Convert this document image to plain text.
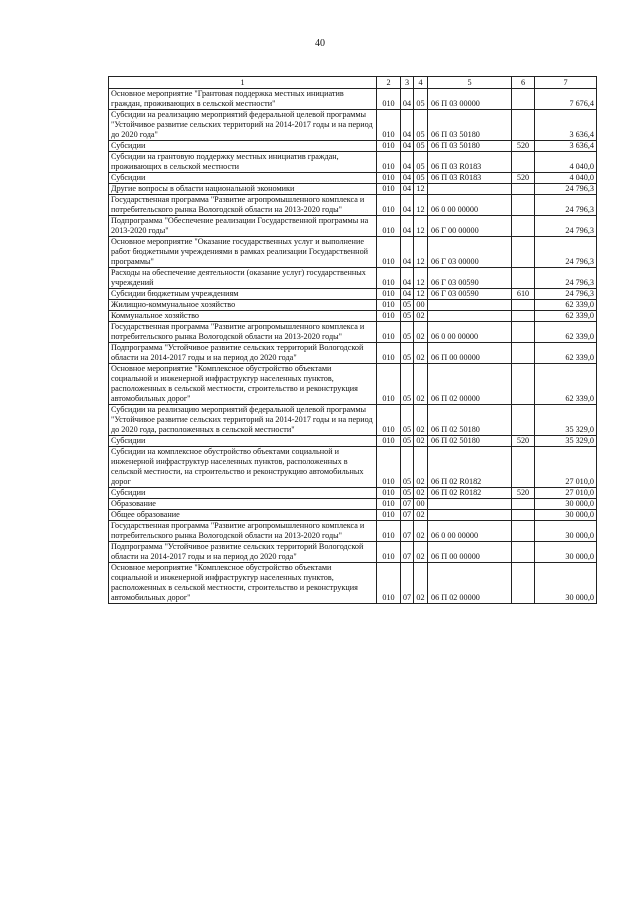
40
1	2	3	4	5	6	7
Основное мероприятие "Грантовая поддержка местных инициатив граждан, проживающих в сельской местности"	010	04	05	06 П 03 00000		7 676,4
Субсидии на реализацию мероприятий федеральной целевой программы "Устойчивое развитие сельских территорий на 2014-2017 годы и на период до 2020 года"	010	04	05	06 П 03 50180		3 636,4
Субсидии	010	04	05	06 П 03 50180	520	3 636,4
Субсидии на грантовую поддержку местных инициатив граждан, проживающих в сельской местности	010	04	05	06 П 03 R0183		4 040,0
Субсидии	010	04	05	06 П 03 R0183	520	4 040,0
Другие вопросы в области национальной экономики	010	04	12			24 796,3
Государственная программа "Развитие агропромышленного комплекса и потребительского рынка Вологодской области на 2013-2020 годы"	010	04	12	06 0 00 00000		24 796,3
Подпрограмма "Обеспечение реализации Государственной программы на 2013-2020 годы"	010	04	12	06 Г 00 00000		24 796,3
Основное мероприятие "Оказание государственных услуг и выполнение работ бюджетными учреждениями в рамках реализации Государственной программы"	010	04	12	06 Г 03 00000		24 796,3
Расходы на обеспечение деятельности (оказание услуг) государственных учреждений	010	04	12	06 Г 03 00590		24 796,3
Субсидии бюджетным учреждениям	010	04	12	06 Г 03 00590	610	24 796,3
Жилищно-коммунальное хозяйство	010	05	00			62 339,0
Коммунальное хозяйство	010	05	02			62 339,0
Государственная программа "Развитие агропромышленного комплекса и потребительского рынка Вологодской области на 2013-2020 годы"	010	05	02	06 0 00 00000		62 339,0
Подпрограмма "Устойчивое развитие сельских территорий Вологодской области на 2014-2017 годы и на период до 2020 года"	010	05	02	06 П 00 00000		62 339,0
Основное мероприятие "Комплексное обустройство объектами социальной и инженерной инфраструктур населенных пунктов, расположенных в сельской местности, строительство и реконструкция автомобильных дорог"	010	05	02	06 П 02 00000		62 339,0
Субсидии на реализацию мероприятий федеральной целевой программы "Устойчивое развитие сельских территорий на 2014-2017 годы и на период до 2020 года, расположенных в сельской местности"	010	05	02	06 П 02 50180		35 329,0
Субсидии	010	05	02	06 П 02 50180	520	35 329,0
Субсидии на комплексное обустройство объектами социальной и инженерной инфраструктур населенных пунктов, расположенных в сельской местности, на строительство и реконструкцию автомобильных дорог	010	05	02	06 П 02 R0182		27 010,0
Субсидии	010	05	02	06 П 02 R0182	520	27 010,0
Образование	010	07	00			30 000,0
Общее образование	010	07	02			30 000,0
Государственная программа "Развитие агропромышленного комплекса и потребительского рынка Вологодской области на 2013-2020 годы"	010	07	02	06 0 00 00000		30 000,0
Подпрограмма "Устойчивое развитие сельских территорий Вологодской области на 2014-2017 годы и на период до 2020 года"	010	07	02	06 П 00 00000		30 000,0
Основное мероприятие "Комплексное обустройство объектами социальной и инженерной инфраструктур населенных пунктов, расположенных в сельской местности, строительство и реконструкция автомобильных дорог"	010	07	02	06 П 02 00000		30 000,0
